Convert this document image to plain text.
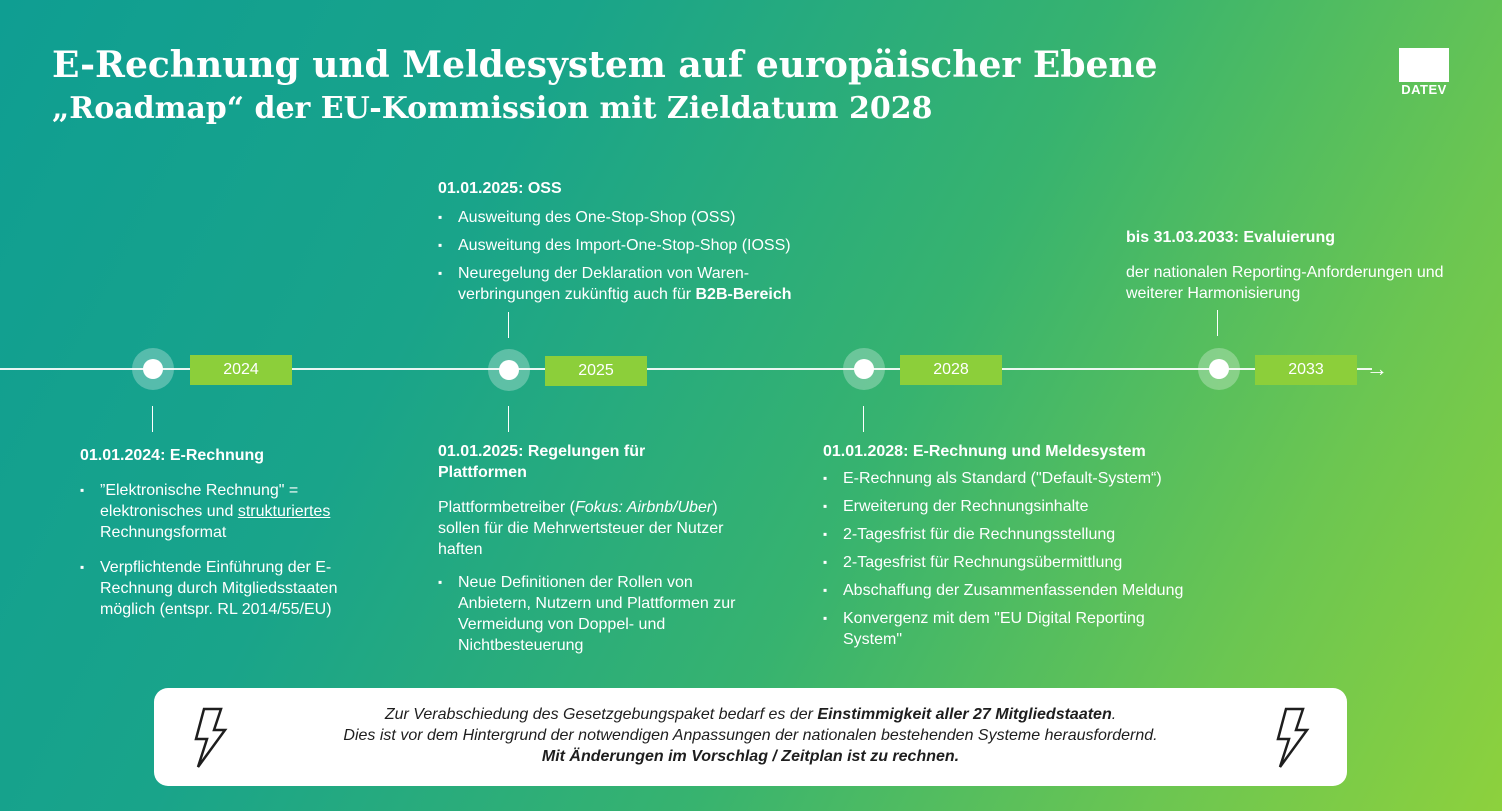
E-Rechnung und Meldesystem auf europäischer Ebene
„Roadmap“ der EU-Kommission mit Zieldatum 2028
DATEV
→
2024	2025	2028	2033
01.01.2024: E-Rechnung
▪ ”Elektronische Rechnung" = elektronisches und strukturiertes Rechnungsformat
▪ Verpflichtende Einführung der E-Rechnung durch Mitgliedsstaaten möglich (entspr. RL 2014/55/EU)
01.01.2025: OSS
▪ Ausweitung des One-Stop-Shop (OSS)
▪ Ausweitung des Import-One-Stop-Shop (IOSS)
▪ Neuregelung der Deklaration von Waren-verbringungen zukünftig auch für B2B-Bereich
01.01.2025: Regelungen für Plattformen

Plattformbetreiber (Fokus: Airbnb/Uber) sollen für die Mehrwertsteuer der Nutzer haften

▪ Neue Definitionen der Rollen von Anbietern, Nutzern und Plattformen zur Vermeidung von Doppel- und Nichtbesteuerung
01.01.2028: E-Rechnung und Meldesystem
▪ E-Rechnung als Standard ("Default-System“)
▪ Erweiterung der Rechnungsinhalte
▪ 2-Tagesfrist für die Rechnungsstellung
▪ 2-Tagesfrist für Rechnungsübermittlung
▪ Abschaffung der Zusammenfassenden Meldung
▪ Konvergenz mit dem "EU Digital Reporting System"
bis 31.03.2033: Evaluierung
der nationalen Reporting-Anforderungen und weiterer Harmonisierung
Zur Verabschiedung des Gesetzgebungspaket bedarf es der Einstimmigkeit aller 27 Mitgliedstaaten.
Dies ist vor dem Hintergrund der notwendigen Anpassungen der nationalen bestehenden Systeme herausfordernd.
Mit Änderungen im Vorschlag / Zeitplan ist zu rechnen.
